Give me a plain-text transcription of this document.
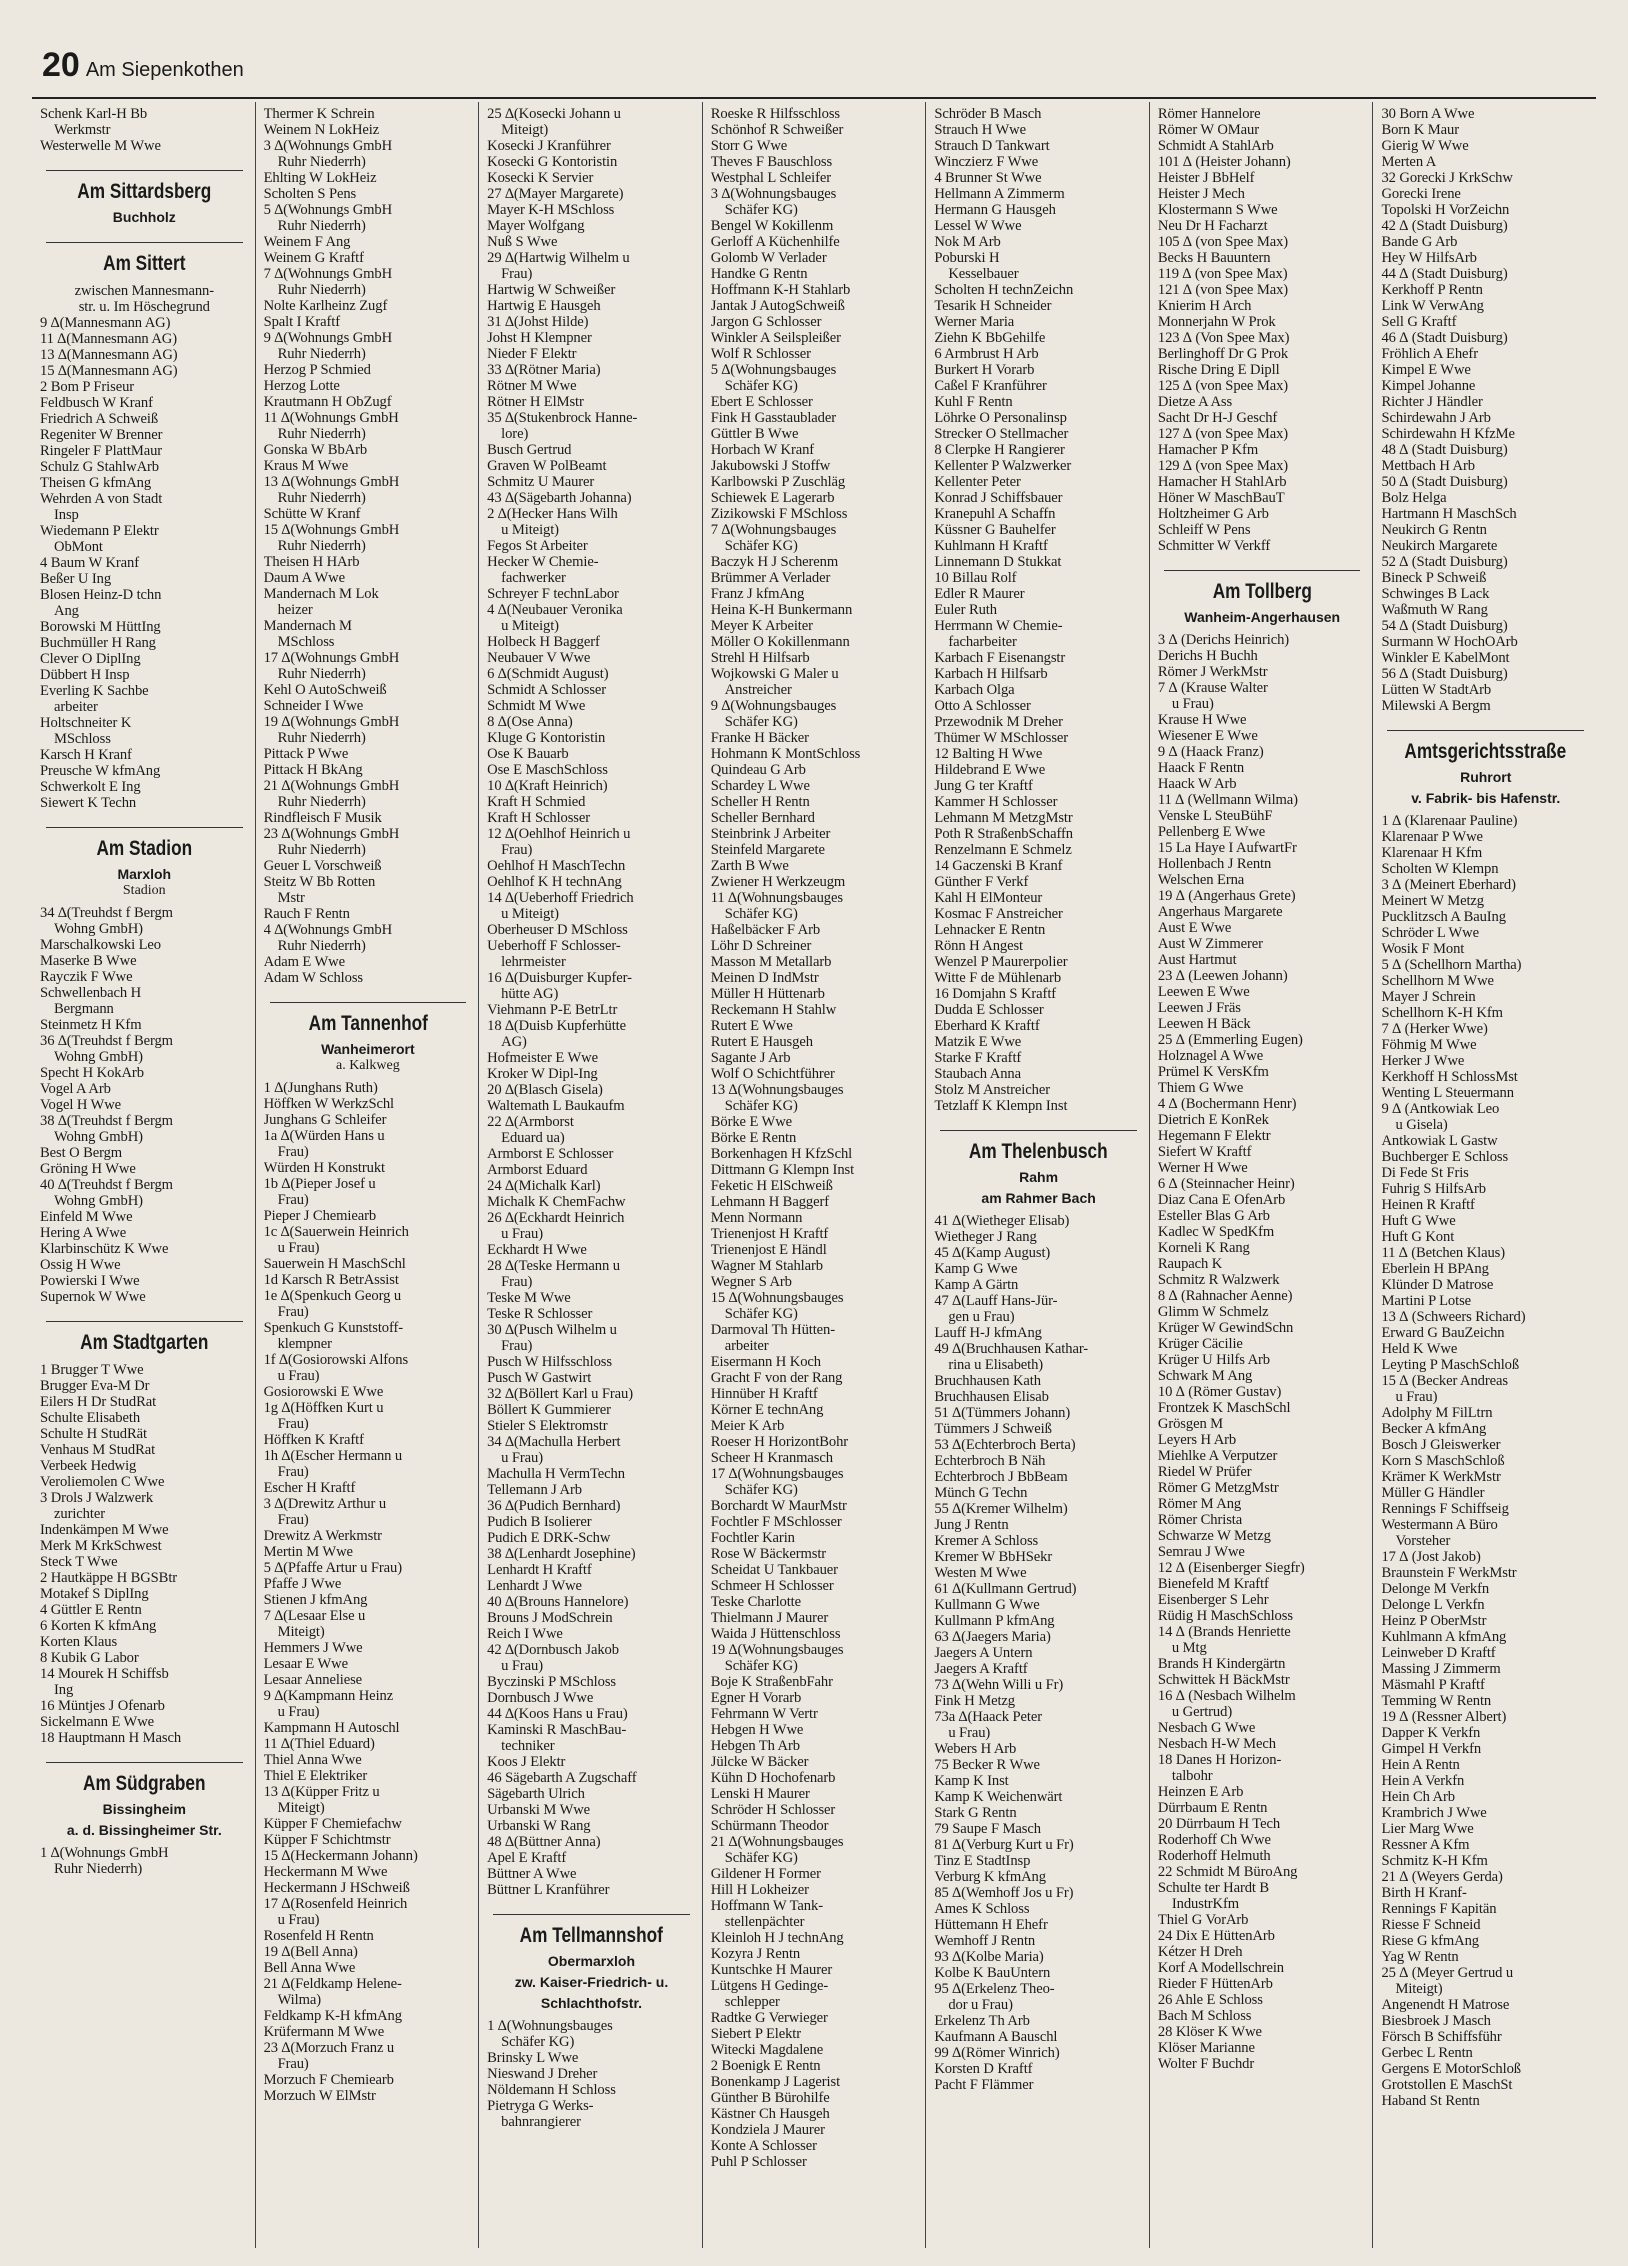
20 Am Siepenkothen
Schenk Karl-H Bb
Werkmstr
Westerwelle M Wwe
Am Sittardsberg
Buchholz
Am Sittert
zwischen Mannesmann-
str. u. Im Höschegrund
9 ∆(Mannesmann AG)
11 ∆(Mannesmann AG)
13 ∆(Mannesmann AG)
15 ∆(Mannesmann AG)
2 Bom P Friseur
Feldbusch W Kranf
Friedrich A Schweiß
Regeniter W Brenner
Ringeler F PlattMaur
Schulz G StahlwArb
Theisen G kfmAng
Wehrden A von Stadt
Insp
Wiedemann P Elektr
ObMont
4 Baum W Kranf
Beßer U Ing
Blosen Heinz-D tchn
Ang
Borowski M HüttIng
Buchmüller H Rang
Clever O DiplIng
Dübbert H Insp
Everling K Sachbe
arbeiter
Holtschneiter K
MSchloss
Karsch H Kranf
Preusche W kfmAng
Schwerkolt E Ing
Siewert K Techn
Am Stadion
Marxloh
Stadion
34 ∆(Treuhdst f Bergm
Wohng GmbH)
Marschalkowski Leo
Maserke B Wwe
Rayczik F Wwe
Schwellenbach H
Bergmann
Steinmetz H Kfm
36 ∆(Treuhdst f Bergm
Wohng GmbH)
Specht H KokArb
Vogel A Arb
Vogel H Wwe
38 ∆(Treuhdst f Bergm
Wohng GmbH)
Best O Bergm
Gröning H Wwe
40 ∆(Treuhdst f Bergm
Wohng GmbH)
Einfeld M Wwe
Hering A Wwe
Klarbinschütz K Wwe
Ossig H Wwe
Powierski I Wwe
Supernok W Wwe
Am Stadtgarten
1 Brugger T Wwe
Brugger Eva-M Dr
Eilers H Dr StudRat
Schulte Elisabeth
Schulte H StudRät
Venhaus M StudRat
Verbeek Hedwig
Veroliemolen C Wwe
3 Drols J Walzwerk
zurichter
Indenkämpen M Wwe
Merk M KrkSchwest
Steck T Wwe
2 Hautkäppe H BGSBtr
Motakef S DiplIng
4 Güttler E Rentn
6 Korten K kfmAng
Korten Klaus
8 Kubik G Labor
14 Mourek H Schiffsb
Ing
16 Müntjes J Ofenarb
Sickelmann E Wwe
18 Hauptmann H Masch
Am Südgraben
Bissingheim
a. d. Bissingheimer Str.
1 ∆(Wohnungs GmbH
Ruhr Niederrh)
Thermer K Schrein
Weinem N LokHeiz
3 ∆(Wohnungs GmbH
Ruhr Niederrh)
Ehlting W LokHeiz
Scholten S Pens
5 ∆(Wohnungs GmbH
Ruhr Niederrh)
Weinem F Ang
Weinem G Kraftf
7 ∆(Wohnungs GmbH
Ruhr Niederrh)
Nolte Karlheinz Zugf
Spalt I Kraftf
9 ∆(Wohnungs GmbH
Ruhr Niederrh)
Herzog P Schmied
Herzog Lotte
Krautmann H ObZugf
11 ∆(Wohnungs GmbH
Ruhr Niederrh)
Gonska W BbArb
Kraus M Wwe
13 ∆(Wohnungs GmbH
Ruhr Niederrh)
Schütte W Kranf
15 ∆(Wohnungs GmbH
Ruhr Niederrh)
Theisen H HArb
Daum A Wwe
Mandernach M Lok
heizer
Mandernach M
MSchloss
17 ∆(Wohnungs GmbH
Ruhr Niederrh)
Kehl O AutoSchweiß
Schneider I Wwe
19 ∆(Wohnungs GmbH
Ruhr Niederrh)
Pittack P Wwe
Pittack H BkAng
21 ∆(Wohnungs GmbH
Ruhr Niederrh)
Rindfleisch F Musik
23 ∆(Wohnungs GmbH
Ruhr Niederrh)
Geuer L Vorschweiß
Steitz W Bb Rotten
Mstr
Rauch F Rentn
4 ∆(Wohnungs GmbH
Ruhr Niederrh)
Adam E Wwe
Adam W Schloss
Am Tannenhof
Wanheimerort
a. Kalkweg
1 ∆(Junghans Ruth)
Höffken W WerkzSchl
Junghans G Schleifer
1a ∆(Würden Hans u
Frau)
Würden H Konstrukt
1b ∆(Pieper Josef u
Frau)
Pieper J Chemiearb
1c ∆(Sauerwein Heinrich
u Frau)
Sauerwein H MaschSchl
1d Karsch R BetrAssist
1e ∆(Spenkuch Georg u
Frau)
Spenkuch G Kunststoff-
klempner
1f ∆(Gosiorowski Alfons
u Frau)
Gosiorowski E Wwe
1g ∆(Höffken Kurt u
Frau)
Höffken K Kraftf
1h ∆(Escher Hermann u
Frau)
Escher H Kraftf
3 ∆(Drewitz Arthur u
Frau)
Drewitz A Werkmstr
Mertin M Wwe
5 ∆(Pfaffe Artur u Frau)
Pfaffe J Wwe
Stienen J kfmAng
7 ∆(Lesaar Else u
Miteigt)
Hemmers J Wwe
Lesaar E Wwe
Lesaar Anneliese
9 ∆(Kampmann Heinz
u Frau)
Kampmann H Autoschl
11 ∆(Thiel Eduard)
Thiel Anna Wwe
Thiel E Elektriker
13 ∆(Küpper Fritz u
Miteigt)
Küpper F Chemiefachw
Küpper F Schichtmstr
15 ∆(Heckermann Johann)
Heckermann M Wwe
Heckermann J HSchweiß
17 ∆(Rosenfeld Heinrich
u Frau)
Rosenfeld H Rentn
19 ∆(Bell Anna)
Bell Anna Wwe
21 ∆(Feldkamp Helene-
Wilma)
Feldkamp K-H kfmAng
Krüfermann M Wwe
23 ∆(Morzuch Franz u
Frau)
Morzuch F Chemiearb
Morzuch W ElMstr
25 ∆(Kosecki Johann u
Miteigt)
Kosecki J Kranführer
Kosecki G Kontoristin
Kosecki K Servier
27 ∆(Mayer Margarete)
Mayer K-H MSchloss
Mayer Wolfgang
Nuß S Wwe
29 ∆(Hartwig Wilhelm u
Frau)
Hartwig W Schweißer
Hartwig E Hausgeh
31 ∆(Johst Hilde)
Johst H Klempner
Nieder F Elektr
33 ∆(Rötner Maria)
Rötner M Wwe
Rötner H ElMstr
35 ∆(Stukenbrock Hanne-
lore)
Busch Gertrud
Graven W PolBeamt
Schmitz U Maurer
43 ∆(Sägebarth Johanna)
2 ∆(Hecker Hans Wilh
u Miteigt)
Fegos St Arbeiter
Hecker W Chemie-
fachwerker
Schreyer F technLabor
4 ∆(Neubauer Veronika
u Miteigt)
Holbeck H Baggerf
Neubauer V Wwe
6 ∆(Schmidt August)
Schmidt A Schlosser
Schmidt M Wwe
8 ∆(Ose Anna)
Kluge G Kontoristin
Ose K Bauarb
Ose E MaschSchloss
10 ∆(Kraft Heinrich)
Kraft H Schmied
Kraft H Schlosser
12 ∆(Oehlhof Heinrich u
Frau)
Oehlhof H MaschTechn
Oehlhof K H technAng
14 ∆(Ueberhoff Friedrich
u Miteigt)
Oberheuser D MSchloss
Ueberhoff F Schlosser-
lehrmeister
16 ∆(Duisburger Kupfer-
hütte AG)
Viehmann P-E BetrLtr
18 ∆(Duisb Kupferhütte
AG)
Hofmeister E Wwe
Kroker W Dipl-Ing
20 ∆(Blasch Gisela)
Waltemath L Baukaufm
22 ∆(Armborst
Eduard ua)
Armborst E Schlosser
Armborst Eduard
24 ∆(Michalk Karl)
Michalk K ChemFachw
26 ∆(Eckhardt Heinrich
u Frau)
Eckhardt H Wwe
28 ∆(Teske Hermann u
Frau)
Teske M Wwe
Teske R Schlosser
30 ∆(Pusch Wilhelm u
Frau)
Pusch W Hilfsschloss
Pusch W Gastwirt
32 ∆(Böllert Karl u Frau)
Böllert K Gummierer
Stieler S Elektromstr
34 ∆(Machulla Herbert
u Frau)
Machulla H VermTechn
Tellemann J Arb
36 ∆(Pudich Bernhard)
Pudich B Isolierer
Pudich E DRK-Schw
38 ∆(Lenhardt Josephine)
Lenhardt H Kraftf
Lenhardt J Wwe
40 ∆(Brouns Hannelore)
Brouns J ModSchrein
Reich I Wwe
42 ∆(Dornbusch Jakob
u Frau)
Byczinski P MSchloss
Dornbusch J Wwe
44 ∆(Koos Hans u Frau)
Kaminski R MaschBau-
techniker
Koos J Elektr
46 Sägebarth A Zugschaff
Sägebarth Ulrich
Urbanski M Wwe
Urbanski W Rang
48 ∆(Büttner Anna)
Apel E Kraftf
Büttner A Wwe
Büttner L Kranführer
Am Tellmannshof
Obermarxloh
zw. Kaiser-Friedrich- u.
Schlachthofstr.
1 ∆(Wohnungsbauges
Schäfer KG)
Brinsky L Wwe
Nieswand J Dreher
Nöldemann H Schloss
Pietryga G Werks-
bahnrangierer
Roeske R Hilfsschloss
Schönhof R Schweißer
Storr G Wwe
Theves F Bauschloss
Westphal L Schleifer
3 ∆(Wohnungsbauges
Schäfer KG)
Bengel W Kokillenm
Gerloff A Küchenhilfe
Golomb W Verlader
Handke G Rentn
Hoffmann K-H Stahlarb
Jantak J AutogSchweiß
Jargon G Schlosser
Winkler A Seilspleißer
Wolf R Schlosser
5 ∆(Wohnungsbauges
Schäfer KG)
Ebert E Schlosser
Fink H Gasstaublader
Güttler B Wwe
Horbach W Kranf
Jakubowski J Stoffw
Karlbowski P Zuschläg
Schiewek E Lagerarb
Zizikowski F MSchloss
7 ∆(Wohnungsbauges
Schäfer KG)
Baczyk H J Scherenm
Brümmer A Verlader
Franz J kfmAng
Heina K-H Bunkermann
Meyer K Arbeiter
Möller O Kokillenmann
Strehl H Hilfsarb
Wojkowski G Maler u
Anstreicher
9 ∆(Wohnungsbauges
Schäfer KG)
Franke H Bäcker
Hohmann K MontSchloss
Quindeau G Arb
Schardey L Wwe
Scheller H Rentn
Scheller Bernhard
Steinbrink J Arbeiter
Steinfeld Margarete
Zarth B Wwe
Zwiener H Werkzeugm
11 ∆(Wohnungsbauges
Schäfer KG)
Haßelbäcker F Arb
Löhr D Schreiner
Masson M Metallarb
Meinen D IndMstr
Müller H Hüttenarb
Reckemann H Stahlw
Rutert E Wwe
Rutert E Hausgeh
Sagante J Arb
Wolf O Schichtführer
13 ∆(Wohnungsbauges
Schäfer KG)
Börke E Wwe
Börke E Rentn
Borkenhagen H KfzSchl
Dittmann G Klempn Inst
Feketic H ElSchweiß
Lehmann H Baggerf
Menn Normann
Trienenjost H Kraftf
Trienenjost E Händl
Wagner M Stahlarb
Wegner S Arb
15 ∆(Wohnungsbauges
Schäfer KG)
Darmoval Th Hütten-
arbeiter
Eisermann H Koch
Gracht F von der Rang
Hinnüber H Kraftf
Körner E technAng
Meier K Arb
Roeser H HorizontBohr
Scheer H Kranmasch
17 ∆(Wohnungsbauges
Schäfer KG)
Borchardt W MaurMstr
Fochtler F MSchlosser
Fochtler Karin
Rose W Bäckermstr
Scheidat U Tankbauer
Schmeer H Schlosser
Teske Charlotte
Thielmann J Maurer
Waida J Hüttenschloss
19 ∆(Wohnungsbauges
Schäfer KG)
Boje K StraßenbFahr
Egner H Vorarb
Fehrmann W Vertr
Hebgen H Wwe
Hebgen Th Arb
Jülcke W Bäcker
Kühn D Hochofenarb
Lenski H Maurer
Schröder H Schlosser
Schürmann Theodor
21 ∆(Wohnungsbauges
Schäfer KG)
Gildener H Former
Hill H Lokheizer
Hoffmann W Tank-
stellenpächter
Kleinloh H J technAng
Kozyra J Rentn
Kuntschke H Maurer
Lütgens H Gedinge-
schlepper
Radtke G Verwieger
Siebert P Elektr
Witecki Magdalene
2 Boenigk E Rentn
Bonenkamp J Lagerist
Günther B Bürohilfe
Kästner Ch Hausgeh
Kondziela J Maurer
Konte A Schlosser
Puhl P Schlosser
Schröder B Masch
Strauch H Wwe
Strauch D Tankwart
Winczierz F Wwe
4 Brunner St Wwe
Hellmann A Zimmerm
Hermann G Hausgeh
Lessel W Wwe
Nok M Arb
Poburski H
Kesselbauer
Scholten H technZeichn
Tesarik H Schneider
Werner Maria
Ziehn K BbGehilfe
6 Armbrust H Arb
Burkert H Vorarb
Caßel F Kranführer
Kuhl F Rentn
Löhrke O Personalinsp
Strecker O Stellmacher
8 Clerpke H Rangierer
Kellenter P Walzwerker
Kellenter Peter
Konrad J Schiffsbauer
Kranepuhl A Schaffn
Küssner G Bauhelfer
Kuhlmann H Kraftf
Linnemann D Stukkat
10 Billau Rolf
Edler R Maurer
Euler Ruth
Herrmann W Chemie-
facharbeiter
Karbach F Eisenangstr
Karbach H Hilfsarb
Karbach Olga
Otto A Schlosser
Przewodnik M Dreher
Thümer W MSchlosser
12 Balting H Wwe
Hildebrand E Wwe
Jung G ter Kraftf
Kammer H Schlosser
Lehmann M MetzgMstr
Poth R StraßenbSchaffn
Renzelmann E Schmelz
14 Gaczenski B Kranf
Günther F Verkf
Kahl H ElMonteur
Kosmac F Anstreicher
Lehnacker E Rentn
Rönn H Angest
Wenzel P Maurerpolier
Witte F de Mühlenarb
16 Domjahn S Kraftf
Dudda E Schlosser
Eberhard K Kraftf
Matzik E Wwe
Starke F Kraftf
Staubach Anna
Stolz M Anstreicher
Tetzlaff K Klempn Inst
Am Thelenbusch
Rahm
am Rahmer Bach
41 ∆(Wietheger Elisab)
Wietheger J Rang
45 ∆(Kamp August)
Kamp G Wwe
Kamp A Gärtn
47 ∆(Lauff Hans-Jür-
gen u Frau)
Lauff H-J kfmAng
49 ∆(Bruchhausen Kathar-
rina u Elisabeth)
Bruchhausen Kath
Bruchhausen Elisab
51 ∆(Tümmers Johann)
Tümmers J Schweiß
53 ∆(Echterbroch Berta)
Echterbroch B Näh
Echterbroch J BbBeam
Münch G Techn
55 ∆(Kremer Wilhelm)
Jung J Rentn
Kremer A Schloss
Kremer W BbHSekr
Westen M Wwe
61 ∆(Kullmann Gertrud)
Kullmann G Wwe
Kullmann P kfmAng
63 ∆(Jaegers Maria)
Jaegers A Untern
Jaegers A Kraftf
73 ∆(Wehn Willi u Fr)
Fink H Metzg
73a ∆(Haack Peter
u Frau)
Webers H Arb
75 Becker R Wwe
Kamp K Inst
Kamp K Weichenwärt
Stark G Rentn
79 Saupe F Masch
81 ∆(Verburg Kurt u Fr)
Tinz E StadtInsp
Verburg K kfmAng
85 ∆(Wemhoff Jos u Fr)
Ames K Schloss
Hüttemann H Ehefr
Wemhoff J Rentn
93 ∆(Kolbe Maria)
Kolbe K BauUntern
95 ∆(Erkelenz Theo-
dor u Frau)
Erkelenz Th Arb
Kaufmann A Bauschl
99 ∆(Römer Winrich)
Korsten D Kraftf
Pacht F Flämmer
Römer Hannelore
Römer W OMaur
Schmidt A StahlArb
101 ∆ (Heister Johann)
Heister J BbHelf
Heister J Mech
Klostermann S Wwe
Neu Dr H Facharzt
105 ∆ (von Spee Max)
Becks H Bauuntern
119 ∆ (von Spee Max)
121 ∆ (von Spee Max)
Knierim H Arch
Monnerjahn W Prok
123 ∆ (Von Spee Max)
Berlinghoff Dr G Prok
Rische Dring E Dipll
125 ∆ (von Spee Max)
Dietze A Ass
Sacht Dr H-J Geschf
127 ∆ (von Spee Max)
Hamacher P Kfm
129 ∆ (von Spee Max)
Hamacher H StahlArb
Höner W MaschBauT
Holtzheimer G Arb
Schleiff W Pens
Schmitter W Verkff
Am Tollberg
Wanheim-Angerhausen
3 ∆ (Derichs Heinrich)
Derichs H Buchh
Römer J WerkMstr
7 ∆ (Krause Walter
u Frau)
Krause H Wwe
Wiesener E Wwe
9 ∆ (Haack Franz)
Haack F Rentn
Haack W Arb
11 ∆ (Wellmann Wilma)
Venske L SteuBühF
Pellenberg E Wwe
15 La Haye I AufwartFr
Hollenbach J Rentn
Welschen Erna
19 ∆ (Angerhaus Grete)
Angerhaus Margarete
Aust E Wwe
Aust W Zimmerer
Aust Hartmut
23 ∆ (Leewen Johann)
Leewen E Wwe
Leewen J Fräs
Leewen H Bäck
25 ∆ (Emmerling Eugen)
Holznagel A Wwe
Prümel K VersKfm
Thiem G Wwe
4 ∆ (Bochermann Henr)
Dietrich E KonRek
Hegemann F Elektr
Siefert W Kraftf
Werner H Wwe
6 ∆ (Steinnacher Heinr)
Diaz Cana E OfenArb
Esteller Blas G Arb
Kadlec W SpedKfm
Korneli K Rang
Raupach K
Schmitz R Walzwerk
8 ∆ (Rahnacher Aenne)
Glimm W Schmelz
Krüger W GewindSchn
Krüger Cäcilie
Krüger U Hilfs Arb
Schwark M Ang
10 ∆ (Römer Gustav)
Frontzek K MaschSchl
Grösgen M
Leyers H Arb
Miehlke A Verputzer
Riedel W Prüfer
Römer G MetzgMstr
Römer M Ang
Römer Christa
Schwarze W Metzg
Semrau J Wwe
12 ∆ (Eisenberger Siegfr)
Bienefeld M Kraftf
Eisenberger S Lehr
Rüdig H MaschSchloss
14 ∆ (Brands Henriette
u Mtg
Brands H Kindergärtn
Schwittek H BäckMstr
16 ∆ (Nesbach Wilhelm
u Gertrud)
Nesbach G Wwe
Nesbach H-W Mech
18 Danes H Horizon-
talbohr
Heinzen E Arb
Dürrbaum E Rentn
20 Dürrbaum H Tech
Roderhoff Ch Wwe
Roderhoff Helmuth
22 Schmidt M BüroAng
Schulte ter Hardt B
IndustrKfm
Thiel G VorArb
24 Dix E HüttenArb
Kétzer H Dreh
Korf A Modellschrein
Rieder F HüttenArb
26 Ahle E Schloss
Bach M Schloss
28 Klöser K Wwe
Klöser Marianne
Wolter F Buchdr
30 Born A Wwe
Born K Maur
Gierig W Wwe
Merten A
32 Gorecki J KrkSchw
Gorecki Irene
Topolski H VorZeichn
42 ∆ (Stadt Duisburg)
Bande G Arb
Hey W HilfsArb
44 ∆ (Stadt Duisburg)
Kerkhoff P Rentn
Link W VerwAng
Sell G Kraftf
46 ∆ (Stadt Duisburg)
Fröhlich A Ehefr
Kimpel E Wwe
Kimpel Johanne
Richter J Händler
Schirdewahn J Arb
Schirdewahn H KfzMe
48 ∆ (Stadt Duisburg)
Mettbach H Arb
50 ∆ (Stadt Duisburg)
Bolz Helga
Hartmann H MaschSch
Neukirch G Rentn
Neukirch Margarete
52 ∆ (Stadt Duisburg)
Bineck P Schweiß
Schwinges B Lack
Waßmuth W Rang
54 ∆ (Stadt Duisburg)
Surmann W HochOArb
Winkler E KabelMont
56 ∆ (Stadt Duisburg)
Lütten W StadtArb
Milewski A Bergm
Amtsgerichtsstraße
Ruhrort
v. Fabrik- bis Hafenstr.
1 ∆ (Klarenaar Pauline)
Klarenaar P Wwe
Klarenaar H Kfm
Scholten W Klempn
3 ∆ (Meinert Eberhard)
Meinert W Metzg
Pucklitzsch A BauIng
Schröder L Wwe
Wosik F Mont
5 ∆ (Schellhorn Martha)
Schellhorn M Wwe
Mayer J Schrein
Schellhorn K-H Kfm
7 ∆ (Herker Wwe)
Föhmig M Wwe
Herker J Wwe
Kerkhoff H SchlossMst
Wenting L Steuermann
9 ∆ (Antkowiak Leo
u Gisela)
Antkowiak L Gastw
Buchberger E Schloss
Di Fede St Fris
Fuhrig S HilfsArb
Heinen R Kraftf
Huft G Wwe
Huft G Kont
11 ∆ (Betchen Klaus)
Eberlein H BPAng
Klünder D Matrose
Martini P Lotse
13 ∆ (Schweers Richard)
Erward G BauZeichn
Held K Wwe
Leyting P MaschSchloß
15 ∆ (Becker Andreas
u Frau)
Adolphy M FilLtrn
Becker A kfmAng
Bosch J Gleiswerker
Korn S MaschSchloß
Krämer K WerkMstr
Müller G Händler
Rennings F Schiffseig
Westermann A Büro
Vorsteher
17 ∆ (Jost Jakob)
Braunstein F WerkMstr
Delonge M Verkfn
Delonge L Verkfn
Heinz P OberMstr
Kuhlmann A kfmAng
Leinweber D Kraftf
Massing J Zimmerm
Mäsmahl P Kraftf
Temming W Rentn
19 ∆ (Ressner Albert)
Dapper K Verkfn
Gimpel H Verkfn
Hein A Rentn
Hein A Verkfn
Hein Ch Arb
Krambrich J Wwe
Lier Marg Wwe
Ressner A Kfm
Schmitz K-H Kfm
21 ∆ (Weyers Gerda)
Birth H Kranf-
Rennings F Kapitän
Riesse F Schneid
Riese G kfmAng
Yag W Rentn
25 ∆ (Meyer Gertrud u
Miteigt)
Angenendt H Matrose
Biesbroek J Masch
Försch B Schiffsführ
Gerbec L Rentn
Gergens E MotorSchloß
Grotstollen E MaschSt
Haband St Rentn
